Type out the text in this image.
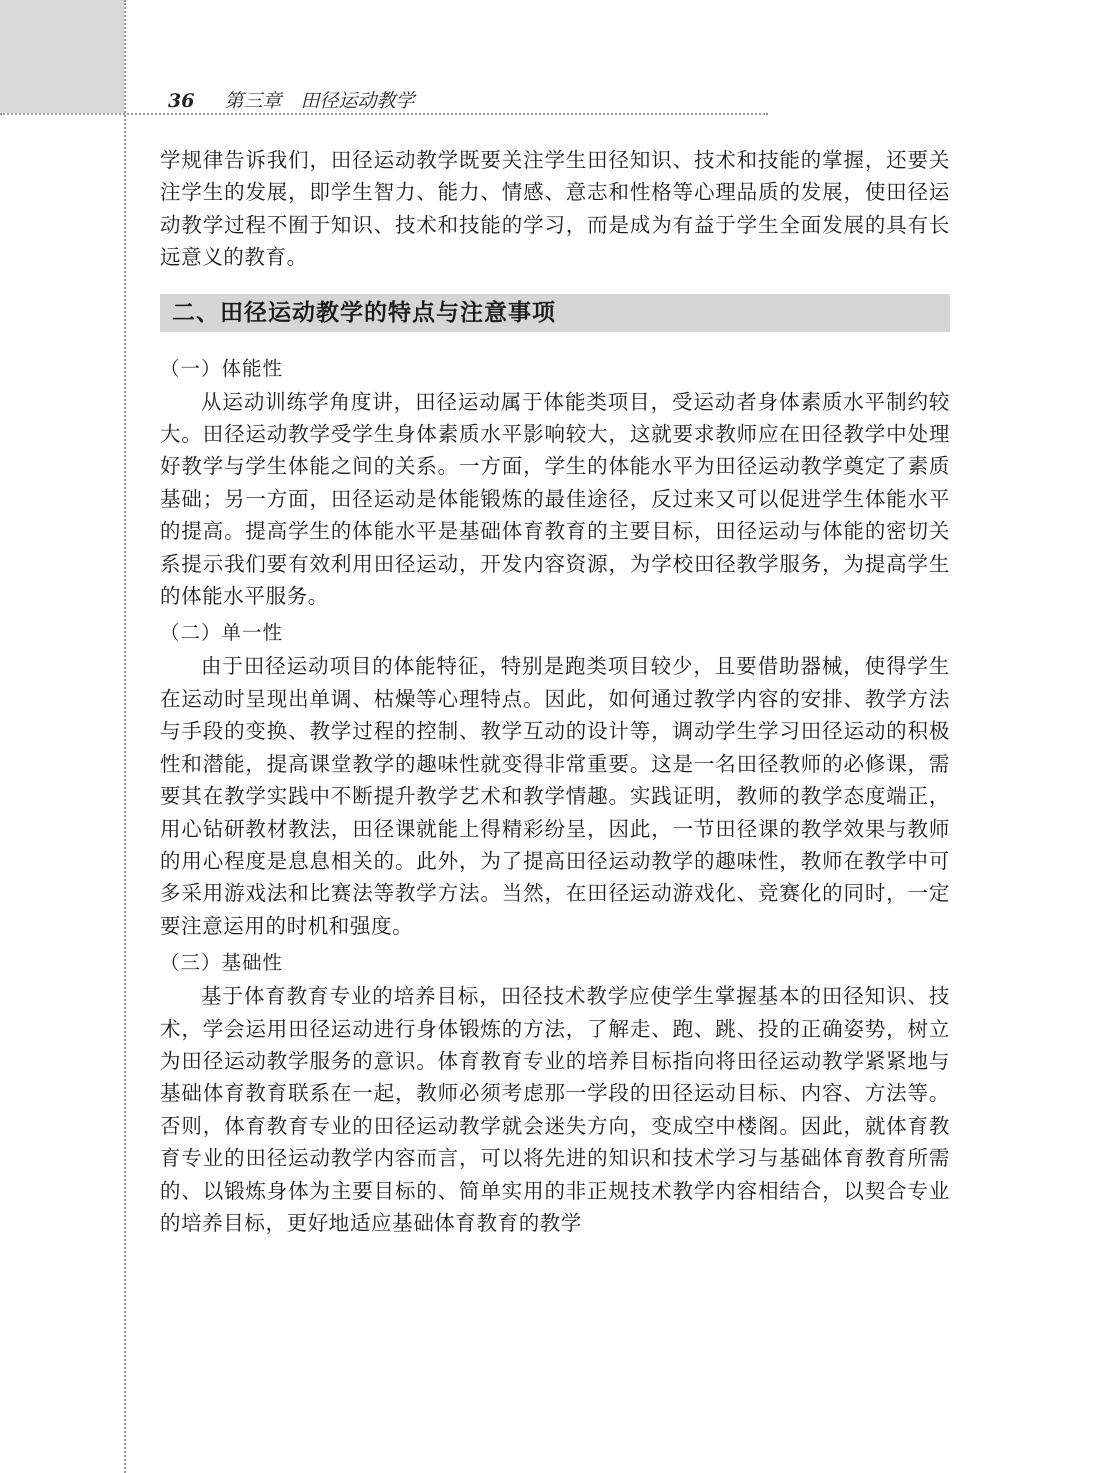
36 第三章　田径运动教学

学规律告诉我们，田径运动教学既要关注学生田径知识、技术和技能的掌握，还要关注学生的发展，即学生智力、能力、情感、意志和性格等心理品质的发展，使田径运动教学过程不囿于知识、技术和技能的学习，而是成为有益于学生全面发展的具有长远意义的教育。

二、田径运动教学的特点与注意事项
（一）体能性

从运动训练学角度讲，田径运动属于体能类项目，受运动者身体素质水平制约较大。田径运动教学受学生身体素质水平影响较大，这就要求教师应在田径教学中处理好教学与学生体能之间的关系。一方面，学生的体能水平为田径运动教学奠定了素质基础；另一方面，田径运动是体能锻炼的最佳途径，反过来又可以促进学生体能水平的提高。提高学生的体能水平是基础体育教育的主要目标，田径运动与体能的密切关系提示我们要有效利用田径运动，开发内容资源，为学校田径教学服务，为提高学生的体能水平服务。

（二）单一性

由于田径运动项目的体能特征，特别是跑类项目较少，且要借助器械，使得学生在运动时呈现出单调、枯燥等心理特点。因此，如何通过教学内容的安排、教学方法与手段的变换、教学过程的控制、教学互动的设计等，调动学生学习田径运动的积极性和潜能，提高课堂教学的趣味性就变得非常重要。这是一名田径教师的必修课，需要其在教学实践中不断提升教学艺术和教学情趣。实践证明，教师的教学态度端正，用心钻研教材教法，田径课就能上得精彩纷呈，因此，一节田径课的教学效果与教师的用心程度是息息相关的。此外，为了提高田径运动教学的趣味性，教师在教学中可多采用游戏法和比赛法等教学方法。当然，在田径运动游戏化、竞赛化的同时，一定要注意运用的时机和强度。

（三）基础性

基于体育教育专业的培养目标，田径技术教学应使学生掌握基本的田径知识、技术，学会运用田径运动进行身体锻炼的方法，了解走、跑、跳、投的正确姿势，树立为田径运动教学服务的意识。体育教育专业的培养目标指向将田径运动教学紧紧地与基础体育教育联系在一起，教师必须考虑那一学段的田径运动目标、内容、方法等。否则，体育教育专业的田径运动教学就会迷失方向，变成空中楼阁。因此，就体育教育专业的田径运动教学内容而言，可以将先进的知识和技术学习与基础体育教育所需的、以锻炼身体为主要目标的、简单实用的非正规技术教学内容相结合，以契合专业的培养目标，更好地适应基础体育教育的教学
